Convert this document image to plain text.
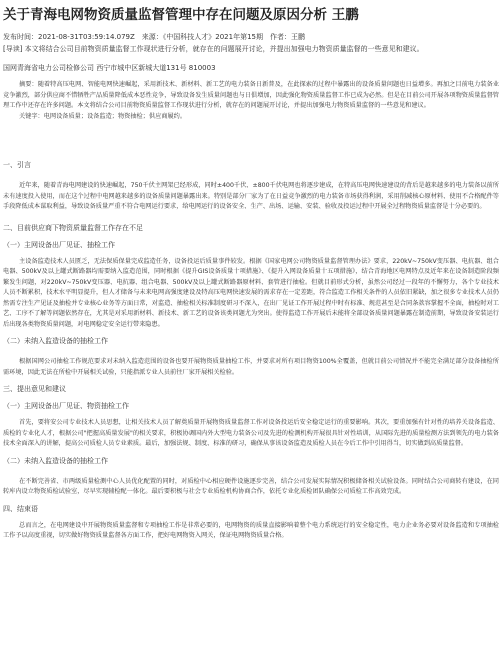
关于青海电网物资质量监督管理中存在问题及原因分析 王鹏
发布时间：2021-08-31T03:59:14.079Z　来源：《中国科技人才》2021年第15期　作者：王鹏
[导读] 本文将结合公司目前物资质量监督工作现状进行分析，就存在的问题展开讨论，并提出加强电力物资质量监督的一些意见和建议。
国网青海省电力公司检修公司 西宁市城中区新城大道131号 810003

摘要：随着特高压电网、智能电网快速崛起，采用新技术、新材料、新工艺的电力装备日新普及，在此探索的过程中暴露出的设备质量问题也日益增多。再加之目前电力装备业竞争激烈，部分供应商不惜牺牲产品质量降低成本恶性竞争，导致设备发生质量问题也与日俱增加，因此强化物资质量监督工作已成为必然。但是在目前公司开展各项物资质量监督管理工作中还存在许多问题。本文将结合公司目前物资质量监督工作现状进行分析，就存在的问题展开讨论，并提出加强电力物资质量监督的一些意见和建议。

关键字：电网设备质量；设备监造；物资抽检；供应商履约。

一、引言

近年来，随着青海电网建设的快速崛起，750千伏主网架已经形成，同时±400千伏、±800千伏电网也将逐步建成，在特高压电网快速建设的背后是越来越多的电力装备以前所未有速度投入使用，而在这个过程中电网越来越多的设备质量问题暴露出来。特别是部分厂家为了在日益竞争激烈的电力装备市场获得利润，采用削减核心原材料、使用不合格配件等手段降低成本谋取利益，导致设备质量严重不符合电网运行要求，给电网运行的设备安全、生产、出场、运输、安装、验收及投运过程中开展全过程物资质量监督是十分必要的。

二、目前供应商下物资质量监督工作存在不足

（一）主网设备出厂见证、抽检工作

主设备监造技术人员匮乏，无法保质保量完成监造任务，设备投运后质量事件较发。根据《国家电网公司物资质量监督管理办法》要求，220kV~750kV变压器、电抗器、组合电器、500kV及以上罐式断路器均需要纳入监造范围，同时根据《提升GIS设备质量十项措施》、《提升入网设备质量十五项措施》，结合青海地区电网特点及近年来在设备制造阶段频繁发生问题，对220kV~750kV变压器、电抗器、组合电器、500kV及以上罐式断路器原材料、套管进行抽检。但就目前形式分析，虽然公司经过一段年的不懈努力，各个专业技术人员不断累积，技术水平明显提升，但人才储备与未来电网高强度建设及特高压电网快速发展的需求存在一定差距，符合监造工作相关条件的人员依旧紧缺，加之很多专业技术人员仍然需专注生产见证及抽检并专业核心业务等方面日常，对监造、抽检相关标准制度研习不深入，在出厂见证工作开展过程中时有标准、规范甚至是合同条款容掌握不全面，抽检时对工艺、工序不了解等问题依然存在，尤其是对采用新材料、新技术、新工艺的设备该类问题尤为突出。使得监造工作开展后未能将全部设备质量问题暴露在制造前期，导致设备安装运行后出现各类物资质量问题，对电网稳定安全运行带来隐患。

（二）未纳入监造设备的抽检工作

根据国网公司抽检工作规范要求对未纳入监造范围的设备也要开展物资质量抽检工作，并要求对所有项目物资100%全覆盖，但就目前公司情况并不能完全满足部分设备抽检所需环境，因此无法在所检中开展相关试验，只能指派专业人员前往厂家开展相关检验。

三、提出意见和建议

（一）主网设备出厂见证、物资抽检工作

首先，要将安公司专业技术人员思想，让相关技术人员了解奠质量开展物资质量监督工作对设备投运后安全稳定运行的重要影响。其次，要重加强有针对性的培养关设备监造、质检的专业化人才，根据公司"把握高质量发展"的相关要求，积极协调国内外大型电力装备公司及先进的检测机构开展很具针对性培训，从国际先进的质量检测方法到领先的电力装备技术全面深入的讲解，提高公司质检人员专业素质。最后，加强法规、制度、标准的研习，确保从事该设备监造及质检人员在今后工作中引用得当，切实做到高质量监督。

（二）未纳入监造设备的抽检工作

在不断完善省、市两级质量检测中心人员优化配置的同时，对质检中心相应硬件设施逐步完善，结合公司发展实际情况积极储备相关试验设备。同时结合公司商转有建设，在同转库内设立物资质检试验室，尽早实现辅检配一体化。最后要积极与社会专业质检机构协商合作，依托专业化质检团队确保公司质检工作高效完成。

四、结束语

总而言之，在电网建设中开展物资质量监督和专项抽检工作是非常必要的，电网物资的质量直接影响着整个电力系统运行的安全稳定性，电力企业务必要对设备监造和专项抽检工作予以高度重视，切实做好物资质量监督各方面工作，把好电网物资入网关，保证电网物资质量合格。
